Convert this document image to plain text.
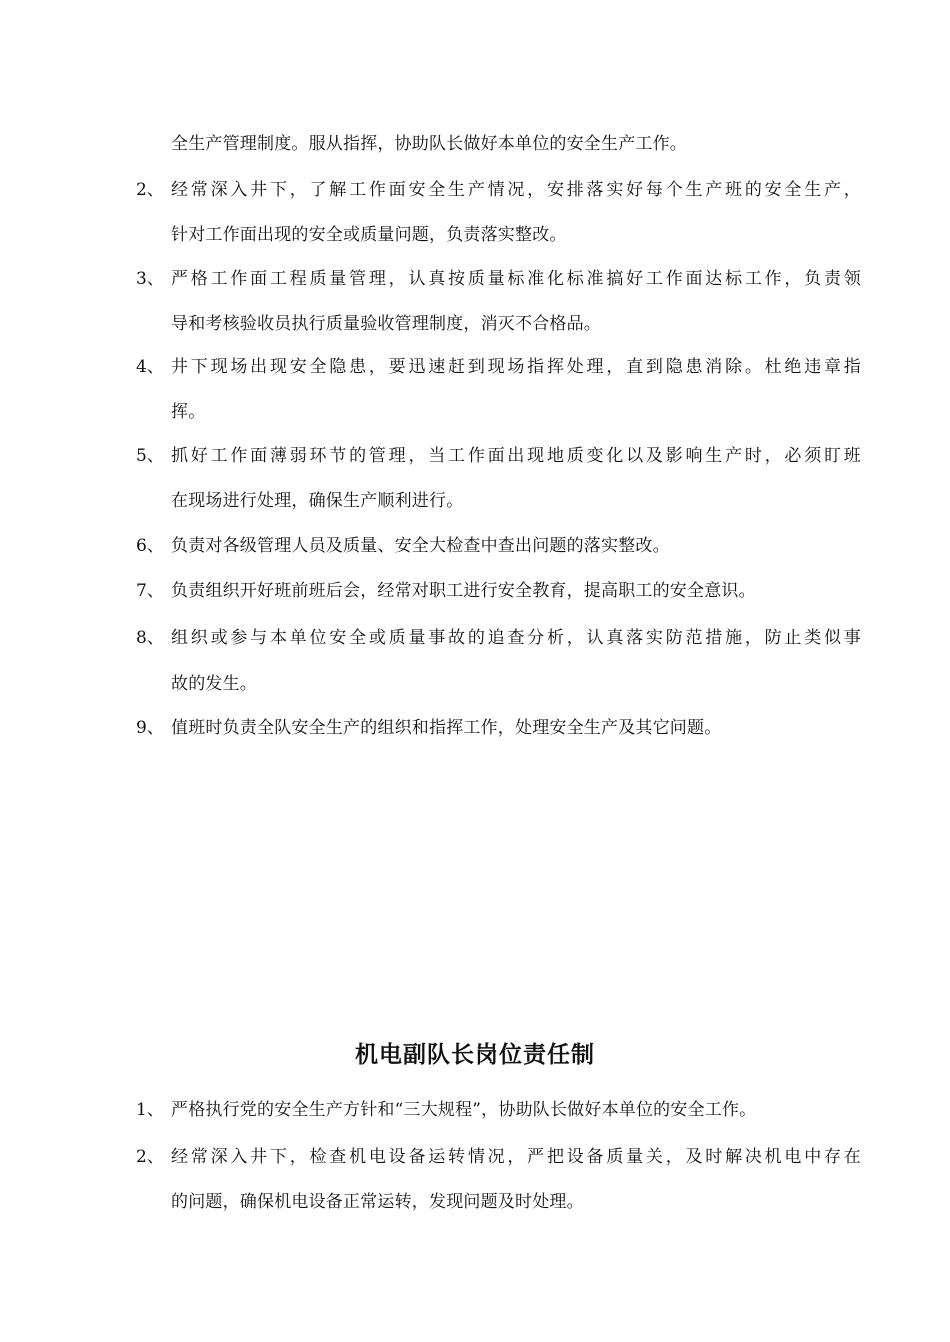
全生产管理制度。服从指挥，协助队长做好本单位的安全生产工作。
2、 经常深入井下，了解工作面安全生产情况，安排落实好每个生产班的安全生产，
针对工作面出现的安全或质量问题，负责落实整改。
3、 严格工作面工程质量管理，认真按质量标准化标准搞好工作面达标工作，负责领
导和考核验收员执行质量验收管理制度，消灭不合格品。
4、 井下现场出现安全隐患，要迅速赶到现场指挥处理，直到隐患消除。杜绝违章指
挥。
5、 抓好工作面薄弱环节的管理，当工作面出现地质变化以及影响生产时，必须盯班
在现场进行处理，确保生产顺利进行。
6、 负责对各级管理人员及质量、安全大检查中查出问题的落实整改。
7、 负责组织开好班前班后会，经常对职工进行安全教育，提高职工的安全意识。
8、 组织或参与本单位安全或质量事故的追查分析，认真落实防范措施，防止类似事
故的发生。
9、 值班时负责全队安全生产的组织和指挥工作，处理安全生产及其它问题。
机电副队长岗位责任制
1、 严格执行党的安全生产方针和“三大规程”，协助队长做好本单位的安全工作。
2、 经常深入井下，检查机电设备运转情况，严把设备质量关，及时解决机电中存在
的问题，确保机电设备正常运转，发现问题及时处理。
